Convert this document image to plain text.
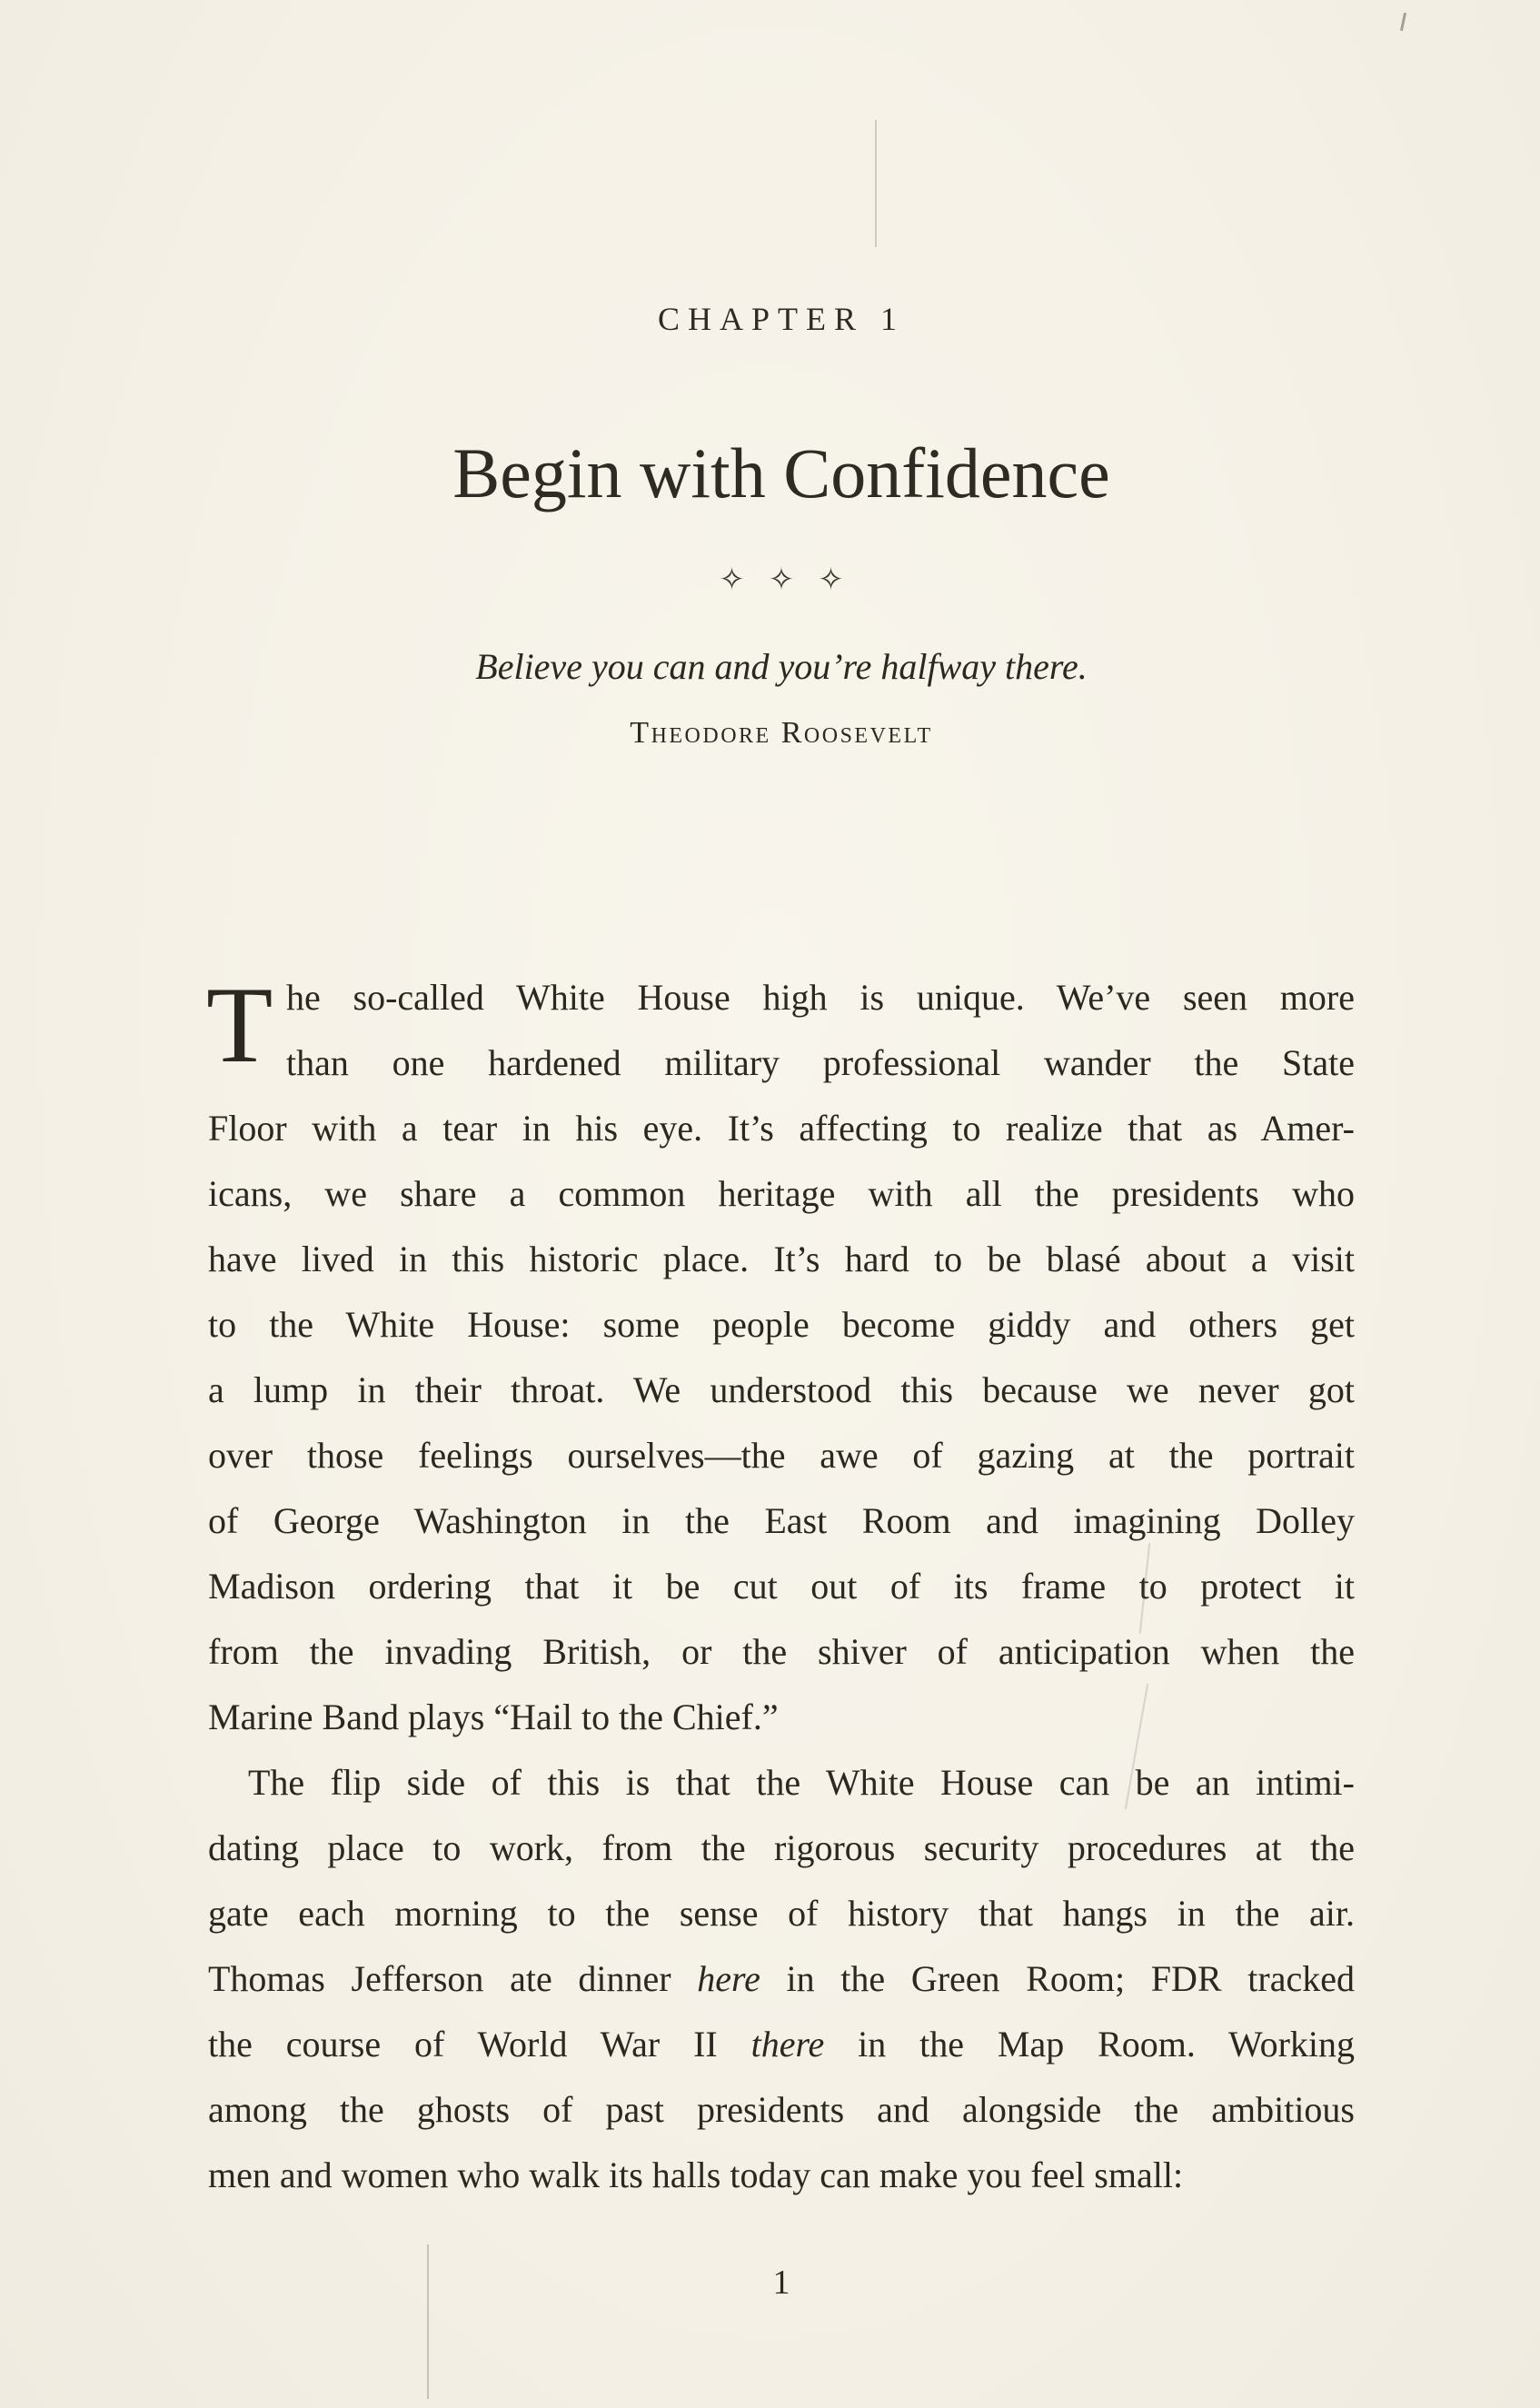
CHAPTER 1
Begin with Confidence
✧ ✧ ✧
Believe you can and you’re halfway there.
Theodore Roosevelt
T he so-called White House high is unique. We’ve seen more
than one hardened military professional wander the State
Floor with a tear in his eye. It’s affecting to realize that as Amer-
icans, we share a common heritage with all the presidents who
have lived in this historic place. It’s hard to be blasé about a visit
to the White House: some people become giddy and others get
a lump in their throat. We understood this because we never got
over those feelings ourselves—the awe of gazing at the portrait
of George Washington in the East Room and imagining Dolley
Madison ordering that it be cut out of its frame to protect it
from the invading British, or the shiver of anticipation when the
Marine Band plays “Hail to the Chief.”
The flip side of this is that the White House can be an intimi-
dating place to work, from the rigorous security procedures at the
gate each morning to the sense of history that hangs in the air.
Thomas Jefferson ate dinner here in the Green Room; FDR tracked
the course of World War II there in the Map Room. Working
among the ghosts of past presidents and alongside the ambitious
men and women who walk its halls today can make you feel small:
1
